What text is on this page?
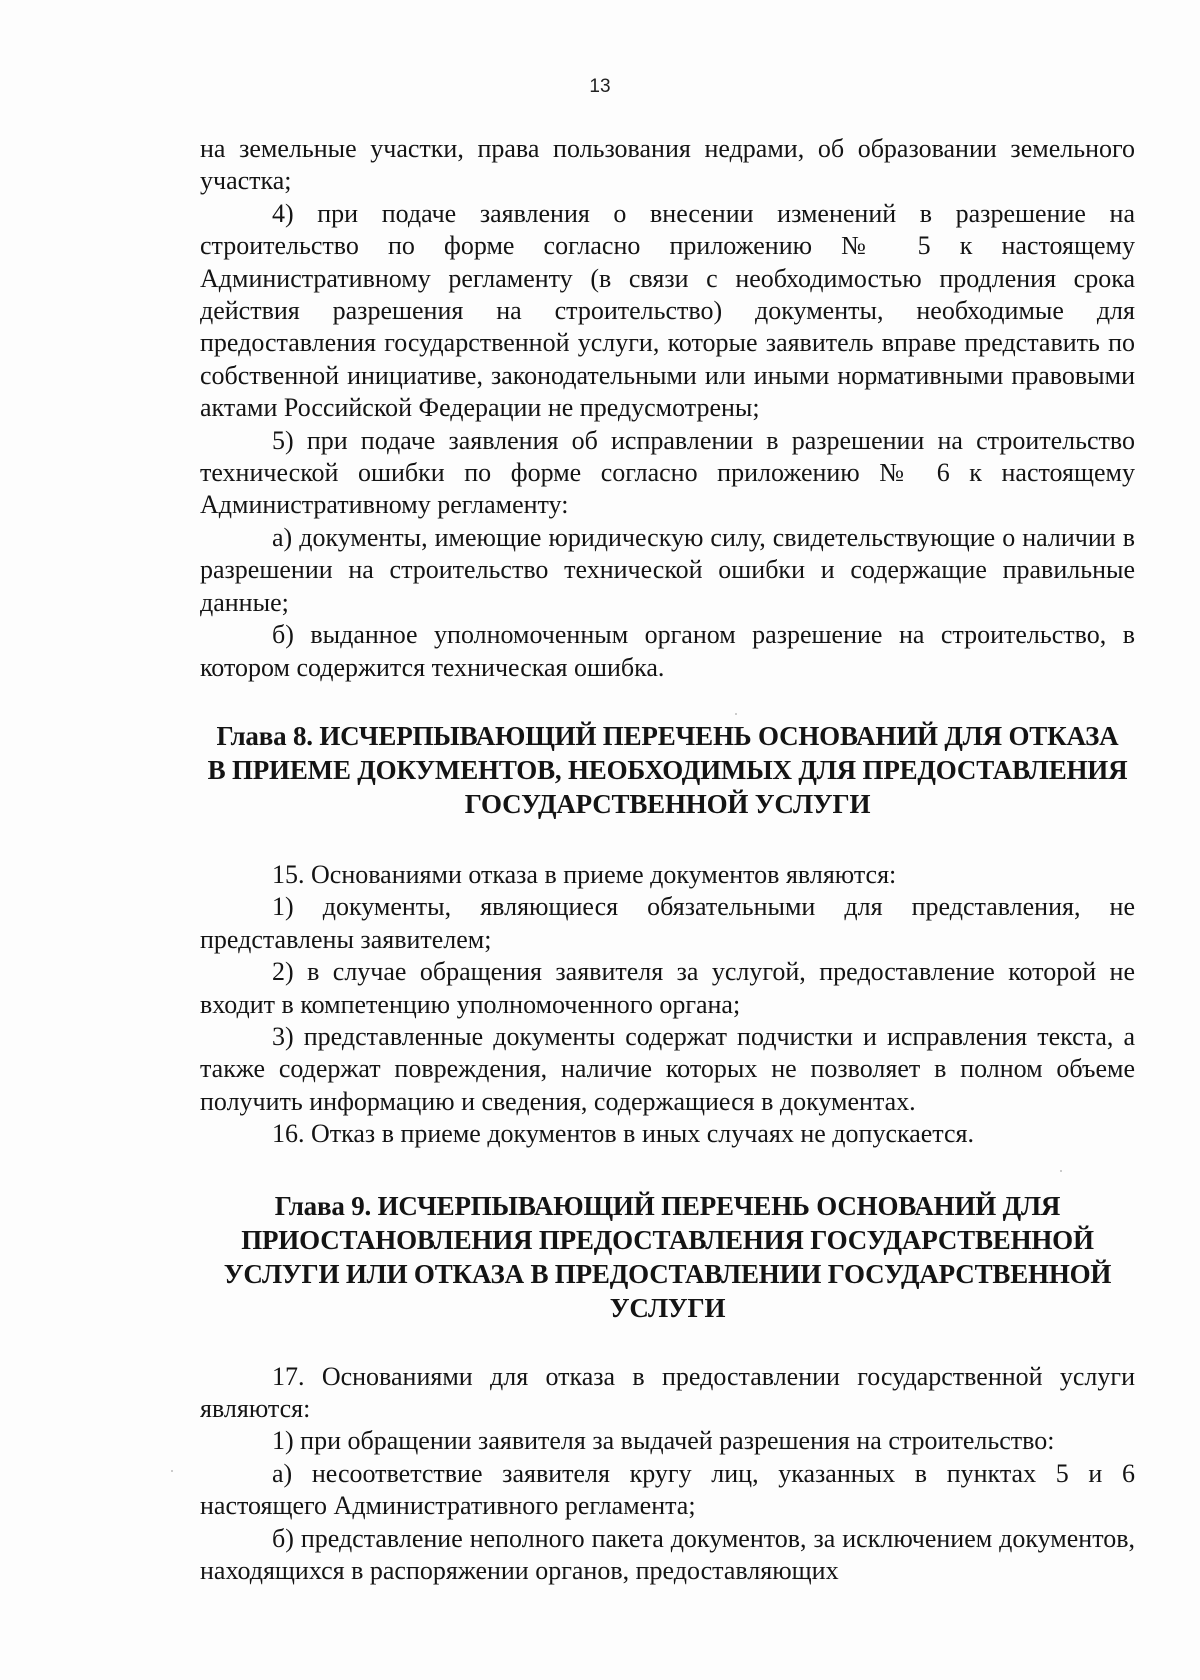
13

на земельные участки, права пользования недрами, об образовании земельного участка;

4) при подаче заявления о внесении изменений в разрешение на строительство по форме согласно приложению № 5 к настоящему Административному регламенту (в связи с необходимостью продления срока действия разрешения на строительство) документы, необходимые для предоставления государственной услуги, которые заявитель вправе представить по собственной инициативе, законодательными или иными нормативными правовыми актами Российской Федерации не предусмотрены;

5) при подаче заявления об исправлении в разрешении на строительство технической ошибки по форме согласно приложению № 6 к настоящему Административному регламенту:

а) документы, имеющие юридическую силу, свидетельствующие о наличии в разрешении на строительство технической ошибки и содержащие правильные данные;

б) выданное уполномоченным органом разрешение на строительство, в котором содержится техническая ошибка.

Глава 8. ИСЧЕРПЫВАЮЩИЙ ПЕРЕЧЕНЬ ОСНОВАНИЙ ДЛЯ ОТКАЗА
В ПРИЕМЕ ДОКУМЕНТОВ, НЕОБХОДИМЫХ ДЛЯ ПРЕДОСТАВЛЕНИЯ
ГОСУДАРСТВЕННОЙ УСЛУГИ

15. Основаниями отказа в приеме документов являются:

1) документы, являющиеся обязательными для представления, не представлены заявителем;

2) в случае обращения заявителя за услугой, предоставление которой не входит в компетенцию уполномоченного органа;

3) представленные документы содержат подчистки и исправления текста, а также содержат повреждения, наличие которых не позволяет в полном объеме получить информацию и сведения, содержащиеся в документах.

16. Отказ в приеме документов в иных случаях не допускается.

Глава 9. ИСЧЕРПЫВАЮЩИЙ ПЕРЕЧЕНЬ ОСНОВАНИЙ ДЛЯ
ПРИОСТАНОВЛЕНИЯ ПРЕДОСТАВЛЕНИЯ ГОСУДАРСТВЕННОЙ
УСЛУГИ ИЛИ ОТКАЗА В ПРЕДОСТАВЛЕНИИ ГОСУДАРСТВЕННОЙ
УСЛУГИ

17. Основаниями для отказа в предоставлении государственной услуги являются:

1) при обращении заявителя за выдачей разрешения на строительство:

а) несоответствие заявителя кругу лиц, указанных в пунктах 5 и 6 настоящего Административного регламента;

б) представление неполного пакета документов, за исключением документов, находящихся в распоряжении органов, предоставляющих
